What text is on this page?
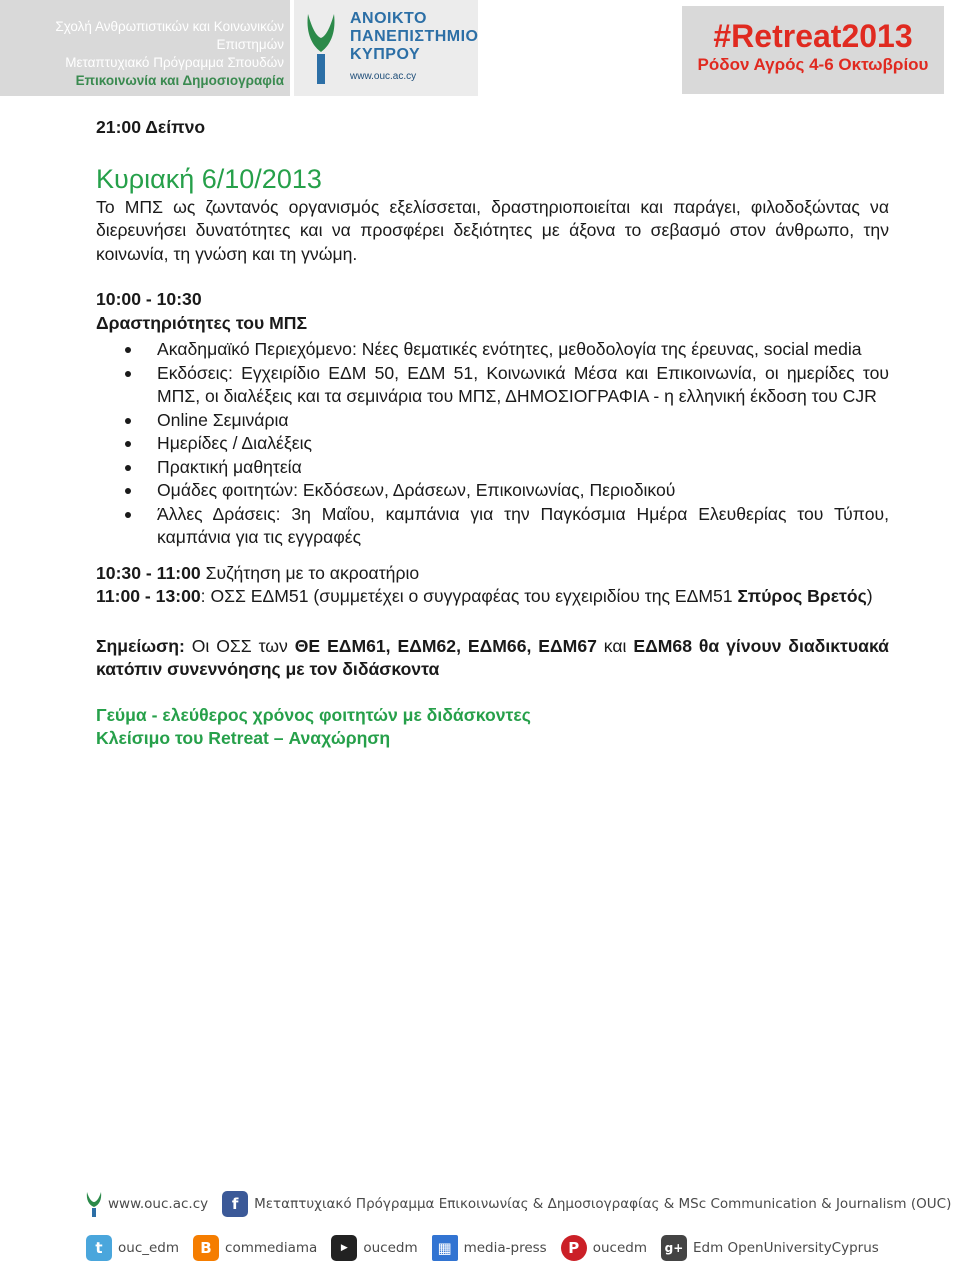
Σχολή Ανθρωπιστικών και Κοινωνικών Επιστημών
Μεταπτυχιακό Πρόγραμμα Σπουδών
Επικοινωνία και Δημοσιογραφία
ΑΝΟΙΚΤΟ
ΠΑΝΕΠΙΣΤΗΜΙΟ
ΚΥΠΡΟΥ
www.ouc.ac.cy
#Retreat2013
Ρόδον Αγρός 4-6 Οκτωβρίου
21:00 Δείπνο
Κυριακή 6/10/2013
Το ΜΠΣ ως ζωντανός οργανισμός εξελίσσεται, δραστηριοποιείται και παράγει, φιλοδοξώντας να διερευνήσει δυνατότητες και να προσφέρει δεξιότητες με άξονα το σεβασμό στον άνθρωπο, την κοινωνία, τη γνώση και τη γνώμη.
10:00 - 10:30
Δραστηριότητες του ΜΠΣ
Ακαδημαϊκό Περιεχόμενο: Νέες θεματικές ενότητες, μεθοδολογία της έρευνας, social media
Εκδόσεις: Εγχειρίδιο ΕΔΜ 50, ΕΔΜ 51, Κοινωνικά Μέσα και Επικοινωνία, οι ημερίδες του ΜΠΣ, οι διαλέξεις και τα σεμινάρια του ΜΠΣ, ΔΗΜΟΣΙΟΓΡΑΦΙΑ - η ελληνική έκδοση του CJR
Online Σεμινάρια
Ημερίδες / Διαλέξεις
Πρακτική μαθητεία
Ομάδες φοιτητών: Εκδόσεων, Δράσεων, Επικοινωνίας, Περιοδικού
Άλλες Δράσεις: 3η Μαΐου, καμπάνια για την Παγκόσμια Ημέρα Ελευθερίας του Τύπου, καμπάνια για τις εγγραφές
10:30 - 11:00 Συζήτηση με το ακροατήριο
11:00 - 13:00: ΟΣΣ ΕΔΜ51 (συμμετέχει ο συγγραφέας του εγχειριδίου της ΕΔΜ51 Σπύρος Βρετός)
Σημείωση: Οι ΟΣΣ των ΘΕ ΕΔΜ61, ΕΔΜ62, ΕΔΜ66, ΕΔΜ67 και ΕΔΜ68 θα γίνουν διαδικτυακά κατόπιν συνεννόησης με τον διδάσκοντα
Γεύμα - ελεύθερος χρόνος φοιτητών με διδάσκοντες
Κλείσιμο του Retreat – Αναχώρηση
www.ouc.ac.cy	f	Μεταπτυχιακό Πρόγραμμα Επικοινωνίας & Δημοσιογραφίας & MSc Communication & Journalism (OUC)
t	ouc_edm	B commediama	▶	oucedm	▦ media-press	P	oucedm	g+ Edm OpenUniversityCyprus
